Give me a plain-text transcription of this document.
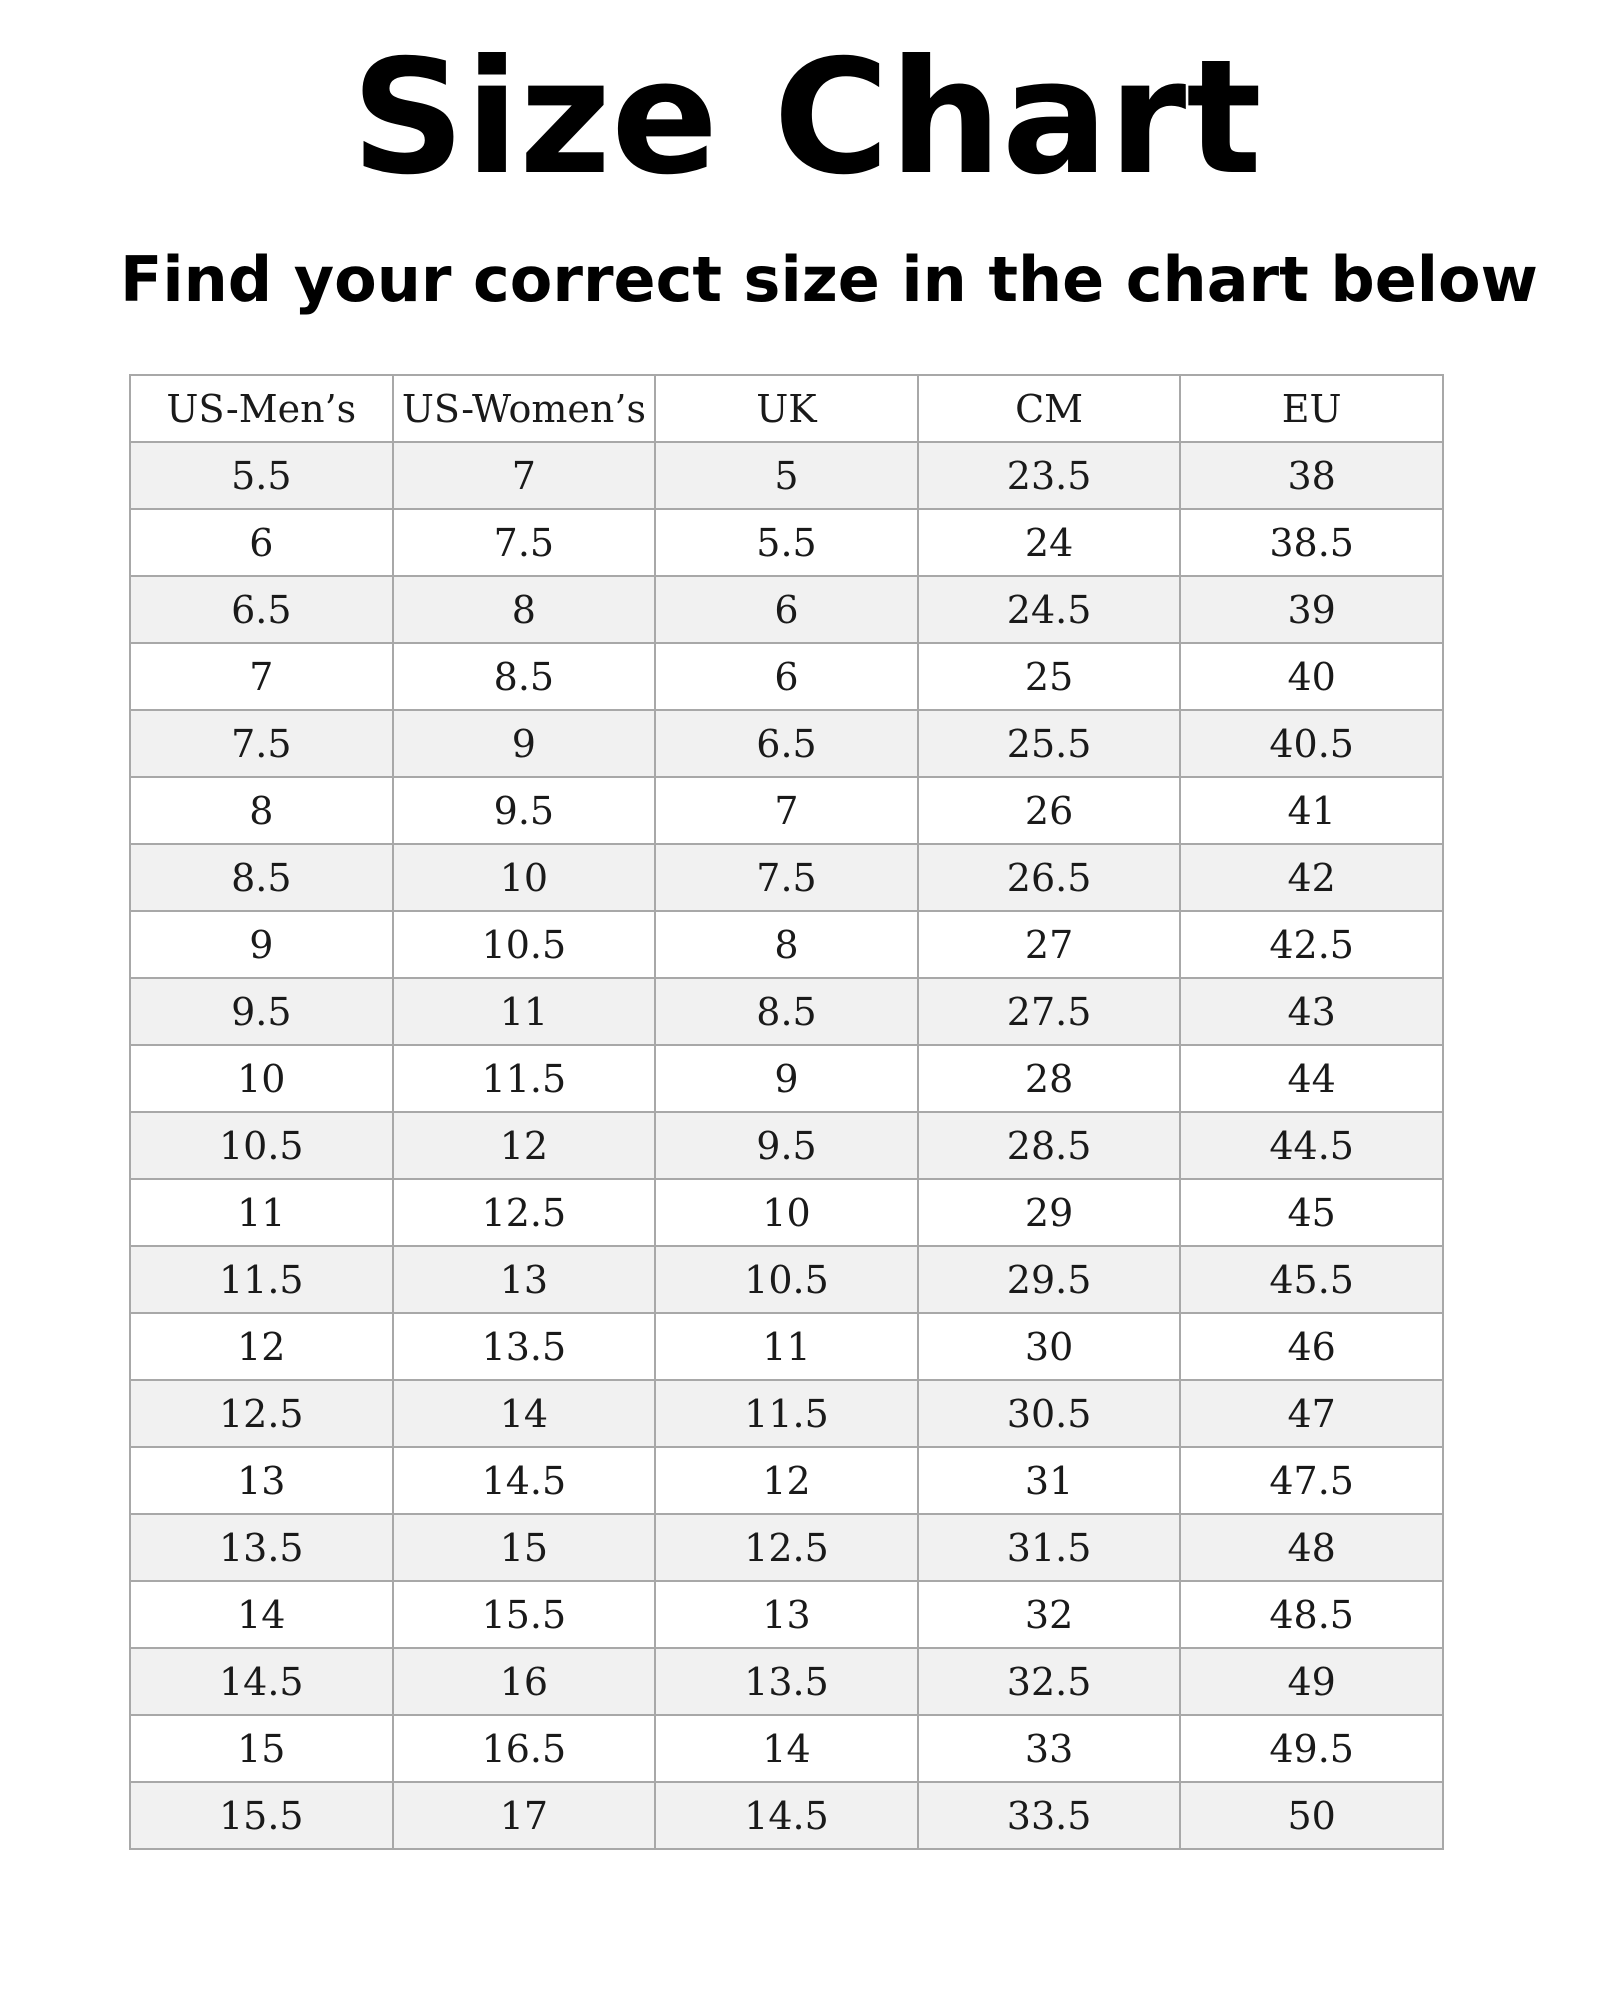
Size Chart
Find your correct size in the chart below
US-Men’s	US-Women’s	UK	CM	EU
5.5	7	5	23.5	38
6	7.5	5.5	24	38.5
6.5	8	6	24.5	39
7	8.5	6	25	40
7.5	9	6.5	25.5	40.5
8	9.5	7	26	41
8.5	10	7.5	26.5	42
9	10.5	8	27	42.5
9.5	11	8.5	27.5	43
10	11.5	9	28	44
10.5	12	9.5	28.5	44.5
11	12.5	10	29	45
11.5	13	10.5	29.5	45.5
12	13.5	11	30	46
12.5	14	11.5	30.5	47
13	14.5	12	31	47.5
13.5	15	12.5	31.5	48
14	15.5	13	32	48.5
14.5	16	13.5	32.5	49
15	16.5	14	33	49.5
15.5	17	14.5	33.5	50
